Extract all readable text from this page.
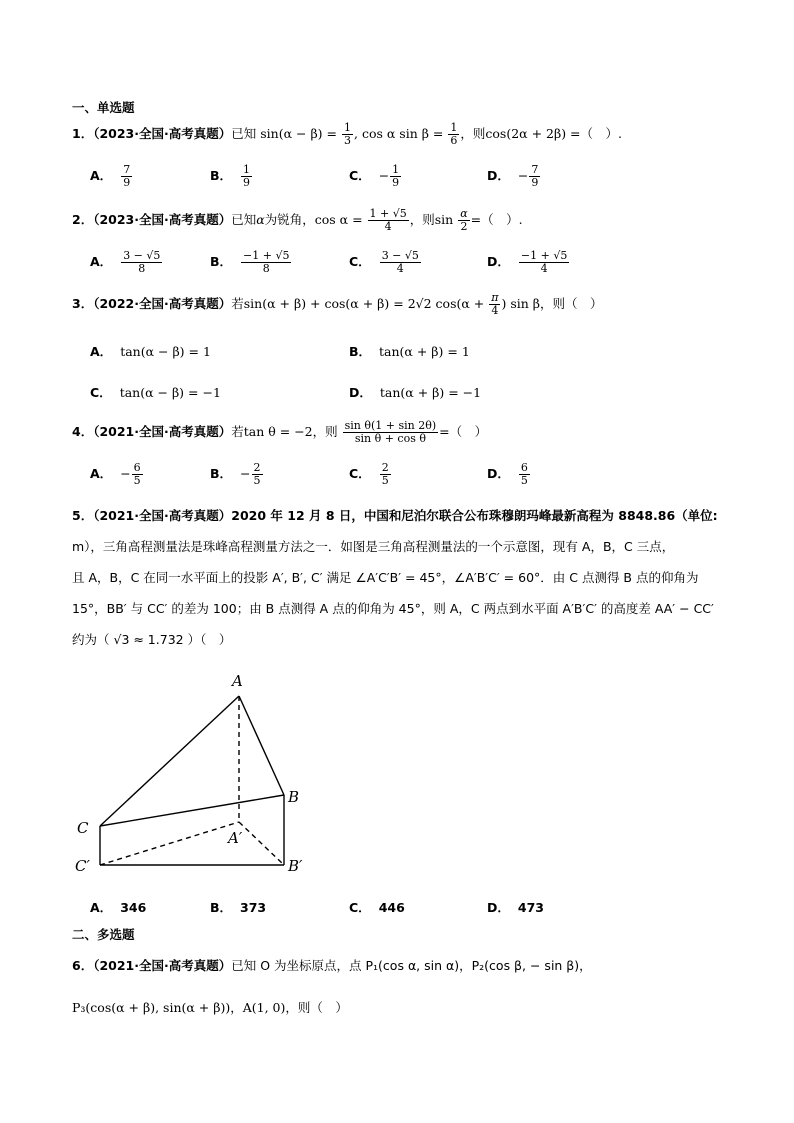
一、单选题
1．（2023·全国·高考真题）已知 $\sin(\alpha - \beta) = \frac{1}{3}$ , cos α $\sin \beta = \frac{1}{6}$ ，则cos(2α + 2β) =（　）.
A． $\frac{7}{9}$	B． $\frac{1}{9}$	C． − $\frac{1}{9}$	D． − $\frac{7}{9}$
2．（2023·全国·高考真题）已知α为锐角，$\cos \alpha = \frac{1 + √5}{4}$ ，则$\sin \frac{\alpha}{2}$ =（　）.
A． $\frac{3 - √5}{8}$	B． $\frac{-1 + √5}{8}$	C． $\frac{3 - √5}{4}$	D． $\frac{-1 + √5}{4}$
3．（2022·全国·高考真题）若sin(α + β) + cos(α + β) = 2√2 $\cos(\alpha + \frac{\pi}{4}$ ) sin β，则（　）
A． tan(α − β) = 1	B． tan(α + β) = 1
C． tan(α − β) = −1	D． tan(α + β) = −1
4．（2021·全国·高考真题）若tan θ = −2，则 $\frac{\text{sin θ(1 + sin 2θ)}}{\text{sin θ + cos θ}}$ =（　）
A． − $\frac{6}{5}$	B． − $\frac{2}{5}$	C． $\frac{2}{5}$	D． $\frac{6}{5}$
5．（2021·全国·高考真题）2020 年 12 月 8 日，中国和尼泊尔联合公布珠穆朗玛峰最新高程为 8848.86（单位:
m），三角高程测量法是珠峰高程测量方法之一．如图是三角高程测量法的一个示意图，现有 A，B，C 三点，
且 A，B，C 在同一水平面上的投影 A′, B′, C′ 满足 ∠A′C′B′ = 45°，∠A′B′C′ = 60°．由 C 点测得 B 点的仰角为
15°，BB′ 与 CC′ 的差为 100；由 B 点测得 A 点的仰角为 45°，则 A，C 两点到水平面 A′B′C′ 的高度差 AA′ − CC′
约为（ √3 ≈ 1.732 ）（　）
A
B
C
A′
B′
C′
A． 346	B． 373	C． 446	D． 473
二、多选题
6．（2021·全国·高考真题）已知 O 为坐标原点，点 P₁(cos α, sin α)，P₂(cos β, − sin β)，
P₃(cos(α + β), sin(α + β))，A(1, 0)，则（　）
